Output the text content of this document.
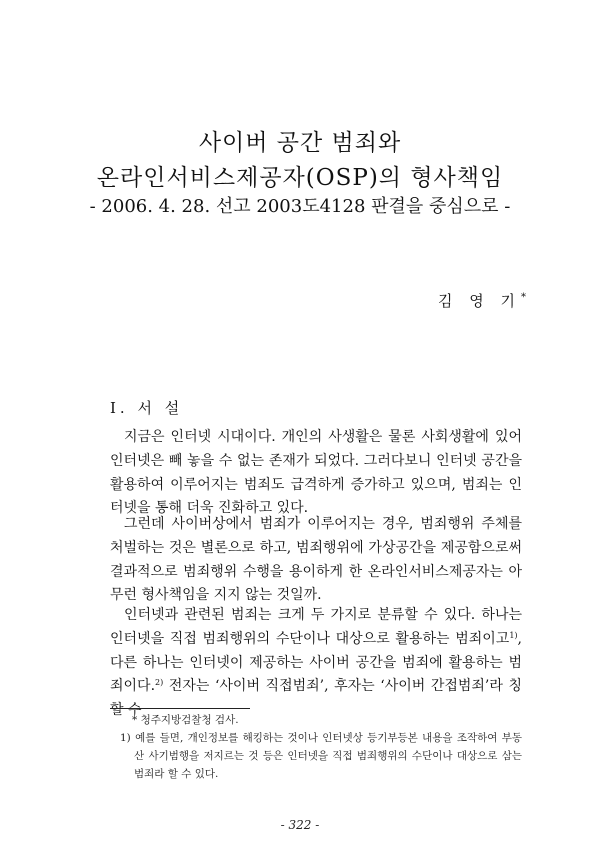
사이버 공간 범죄와
온라인서비스제공자(OSP)의 형사책임
- 2006. 4. 28. 선고 2003도4128 판결을 중심으로 -
김 영 기*
Ⅰ. 서 설

지금은 인터넷 시대이다. 개인의 사생활은 물론 사회생활에 있어 인터넷은 빼 놓을 수 없는 존재가 되었다. 그러다보니 인터넷 공간을 활용하여 이루어지는 범죄도 급격하게 증가하고 있으며, 범죄는 인터넷을 통해 더욱 진화하고 있다.

그런데 사이버상에서 범죄가 이루어지는 경우, 범죄행위 주체를 처벌하는 것은 별론으로 하고, 범죄행위에 가상공간을 제공함으로써 결과적으로 범죄행위 수행을 용이하게 한 온라인서비스제공자는 아무런 형사책임을 지지 않는 것일까.

인터넷과 관련된 범죄는 크게 두 가지로 분류할 수 있다. 하나는 인터넷을 직접 범죄행위의 수단이나 대상으로 활용하는 범죄이고$^{1)}$, 다른 하나는 인터넷이 제공하는 사이버 공간을 범죄에 활용하는 범죄이다.$^{2)}$ 전자는 ‘사이버 직접범죄’, 후자는 ‘사이버 간접범죄’라 칭할 수

* 청주지방검찰청 검사.
1) 예를 들면, 개인정보를 해킹하는 것이나 인터넷상 등기부등본 내용을 조작하여 부동산 사기범행을 저지르는 것 등은 인터넷을 직접 범죄행위의 수단이나 대상으로 삼는 범죄라 할 수 있다.
- 322 -
